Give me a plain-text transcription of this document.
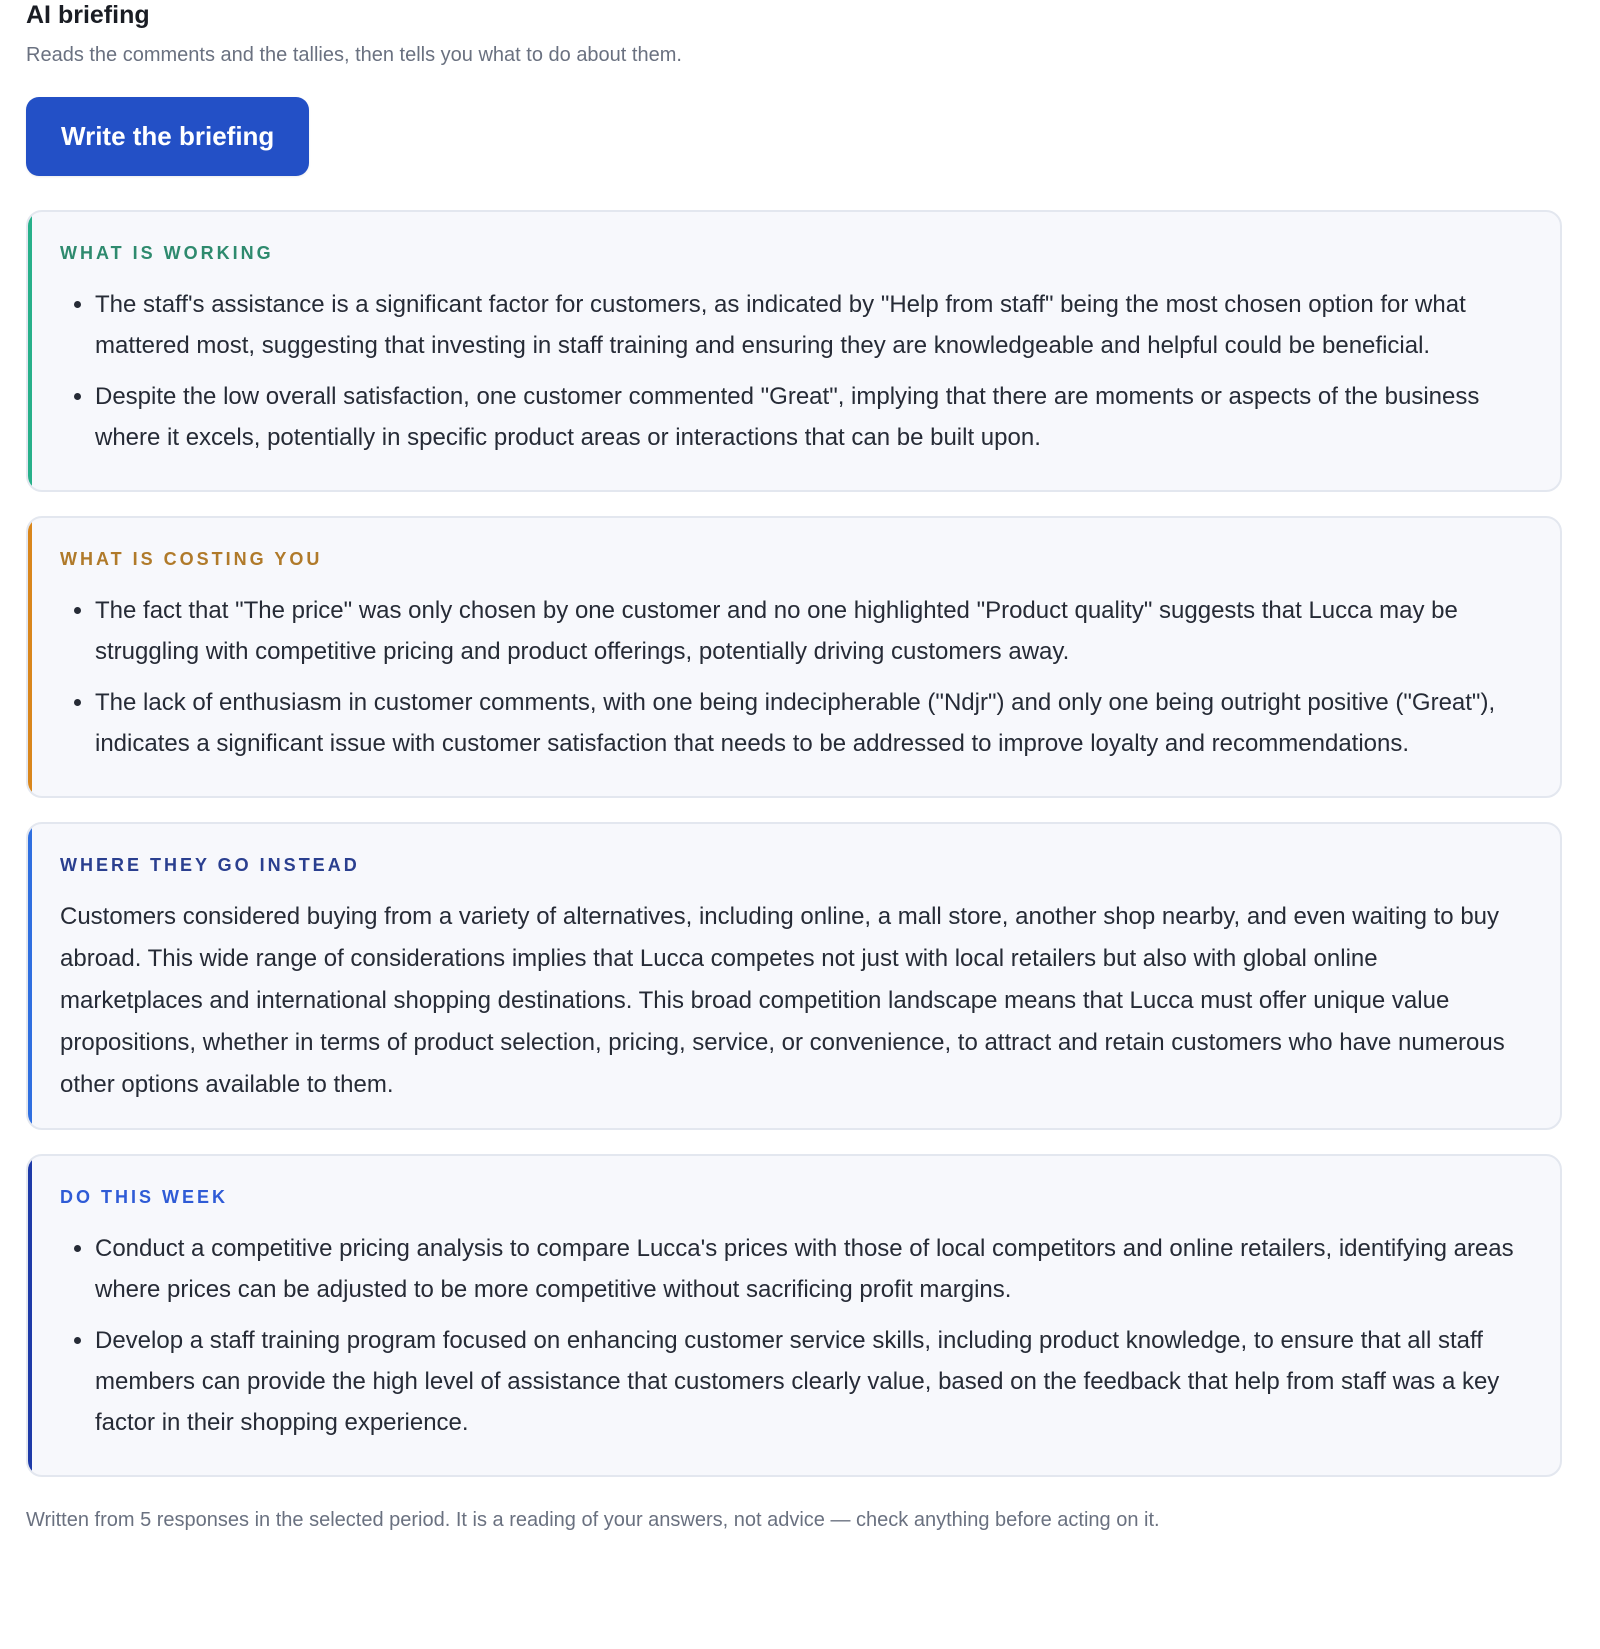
AI briefing

Reads the comments and the tallies, then tells you what to do about them.

Write the briefing
WHAT IS WORKING
• The staff's assistance is a significant factor for customers, as indicated by "Help from staff" being the most chosen option for what mattered most, suggesting that investing in staff training and ensuring they are knowledgeable and helpful could be beneficial.
• Despite the low overall satisfaction, one customer commented "Great", implying that there are moments or aspects of the business where it excels, potentially in specific product areas or interactions that can be built upon.
WHAT IS COSTING YOU
• The fact that "The price" was only chosen by one customer and no one highlighted "Product quality" suggests that Lucca may be struggling with competitive pricing and product offerings, potentially driving customers away.
• The lack of enthusiasm in customer comments, with one being indecipherable ("Ndjr") and only one being outright positive ("Great"), indicates a significant issue with customer satisfaction that needs to be addressed to improve loyalty and recommendations.
WHERE THEY GO INSTEAD

Customers considered buying from a variety of alternatives, including online, a mall store, another shop nearby, and even waiting to buy abroad. This wide range of considerations implies that Lucca competes not just with local retailers but also with global online marketplaces and international shopping destinations. This broad competition landscape means that Lucca must offer unique value propositions, whether in terms of product selection, pricing, service, or convenience, to attract and retain customers who have numerous other options available to them.

DO THIS WEEK
• Conduct a competitive pricing analysis to compare Lucca's prices with those of local competitors and online retailers, identifying areas where prices can be adjusted to be more competitive without sacrificing profit margins.
• Develop a staff training program focused on enhancing customer service skills, including product knowledge, to ensure that all staff members can provide the high level of assistance that customers clearly value, based on the feedback that help from staff was a key factor in their shopping experience.
Written from 5 responses in the selected period. It is a reading of your answers, not advice — check anything before acting on it.
